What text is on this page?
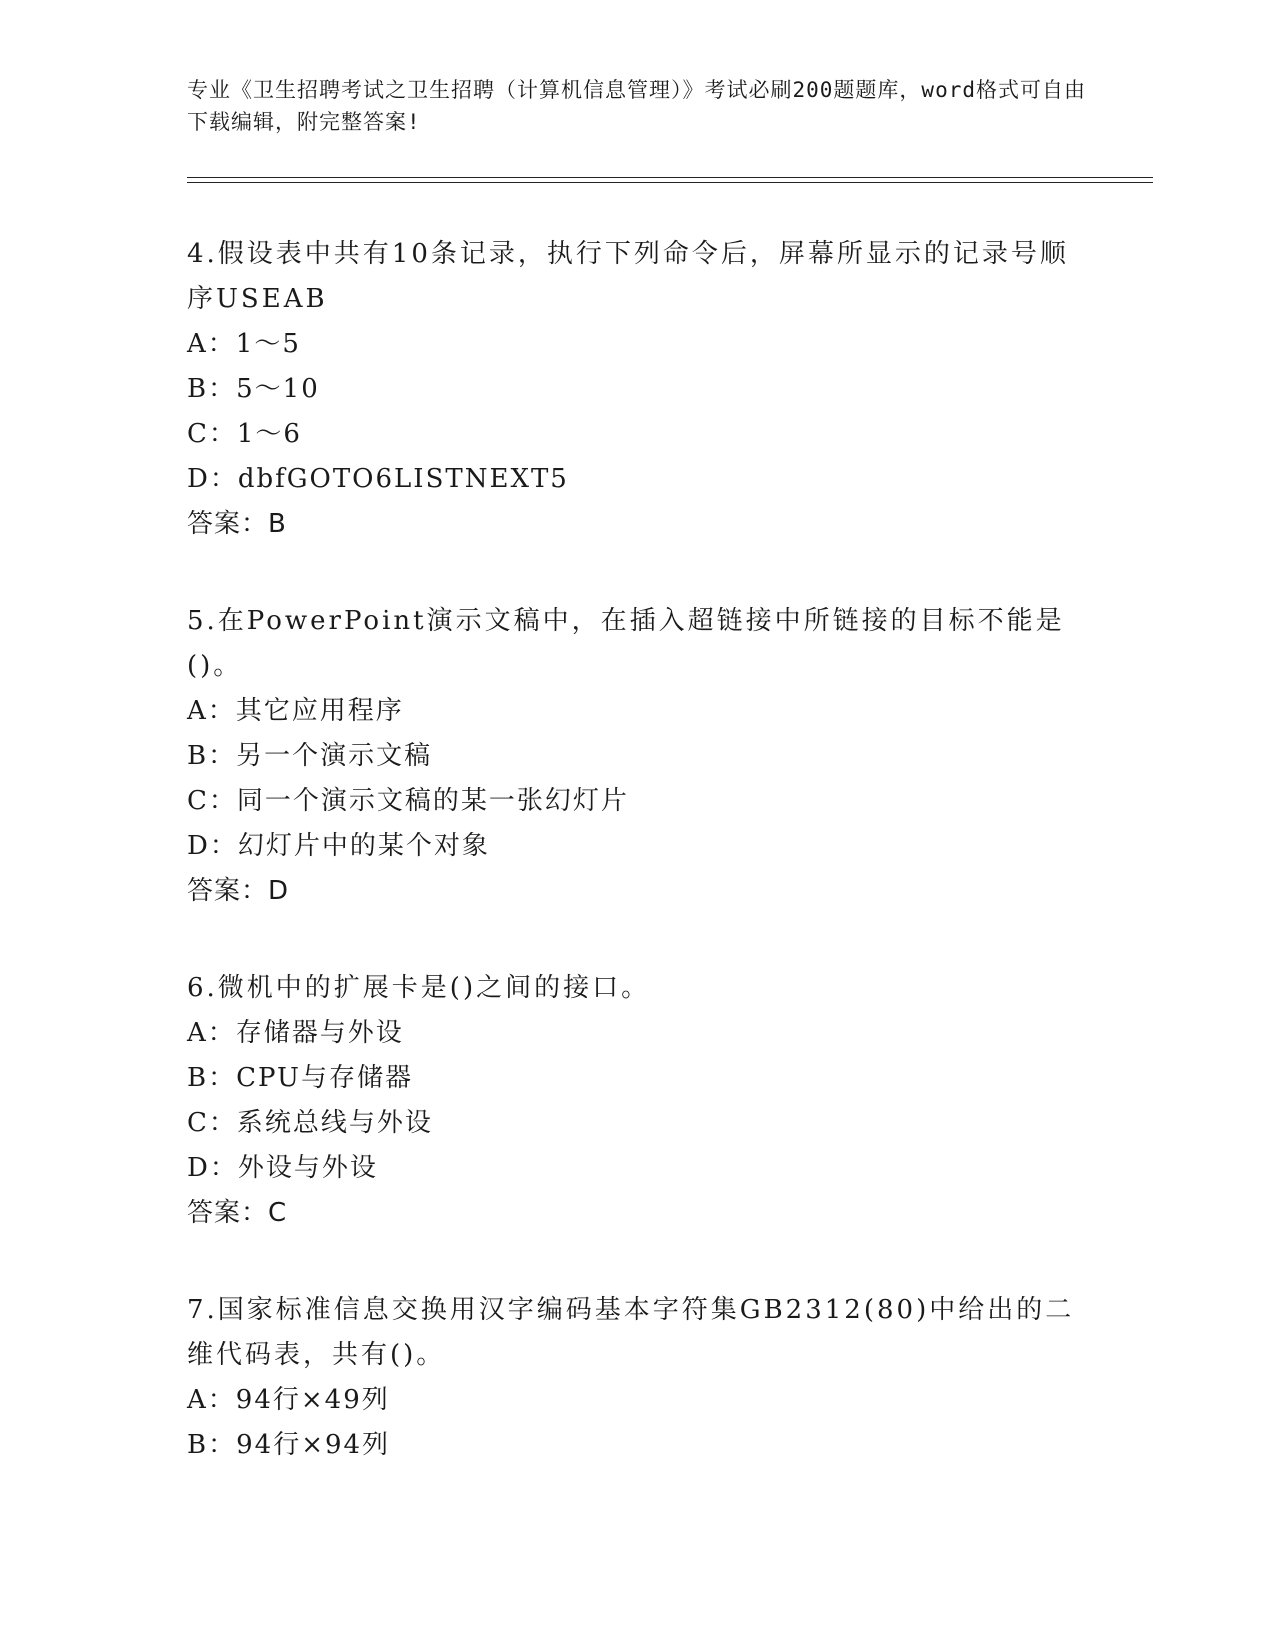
专业《卫生招聘考试之卫生招聘（计算机信息管理）》考试必刷200题题库，word格式可自由下载编辑，附完整答案!

4.假设表中共有10条记录，执行下列命令后，屏幕所显示的记录号顺序USEAB

A：1～5

B：5～10

C：1～6

D：dbfGOTO6LISTNEXT5

答案：B

5.在PowerPoint演示文稿中，在插入超链接中所链接的目标不能是()。

A：其它应用程序

B：另一个演示文稿

C：同一个演示文稿的某一张幻灯片

D：幻灯片中的某个对象

答案：D

6.微机中的扩展卡是()之间的接口。

A：存储器与外设

B：CPU与存储器

C：系统总线与外设

D：外设与外设

答案：C

7.国家标准信息交换用汉字编码基本字符集GB2312(80)中给出的二维代码表，共有()。

A：94行×49列

B：94行×94列
